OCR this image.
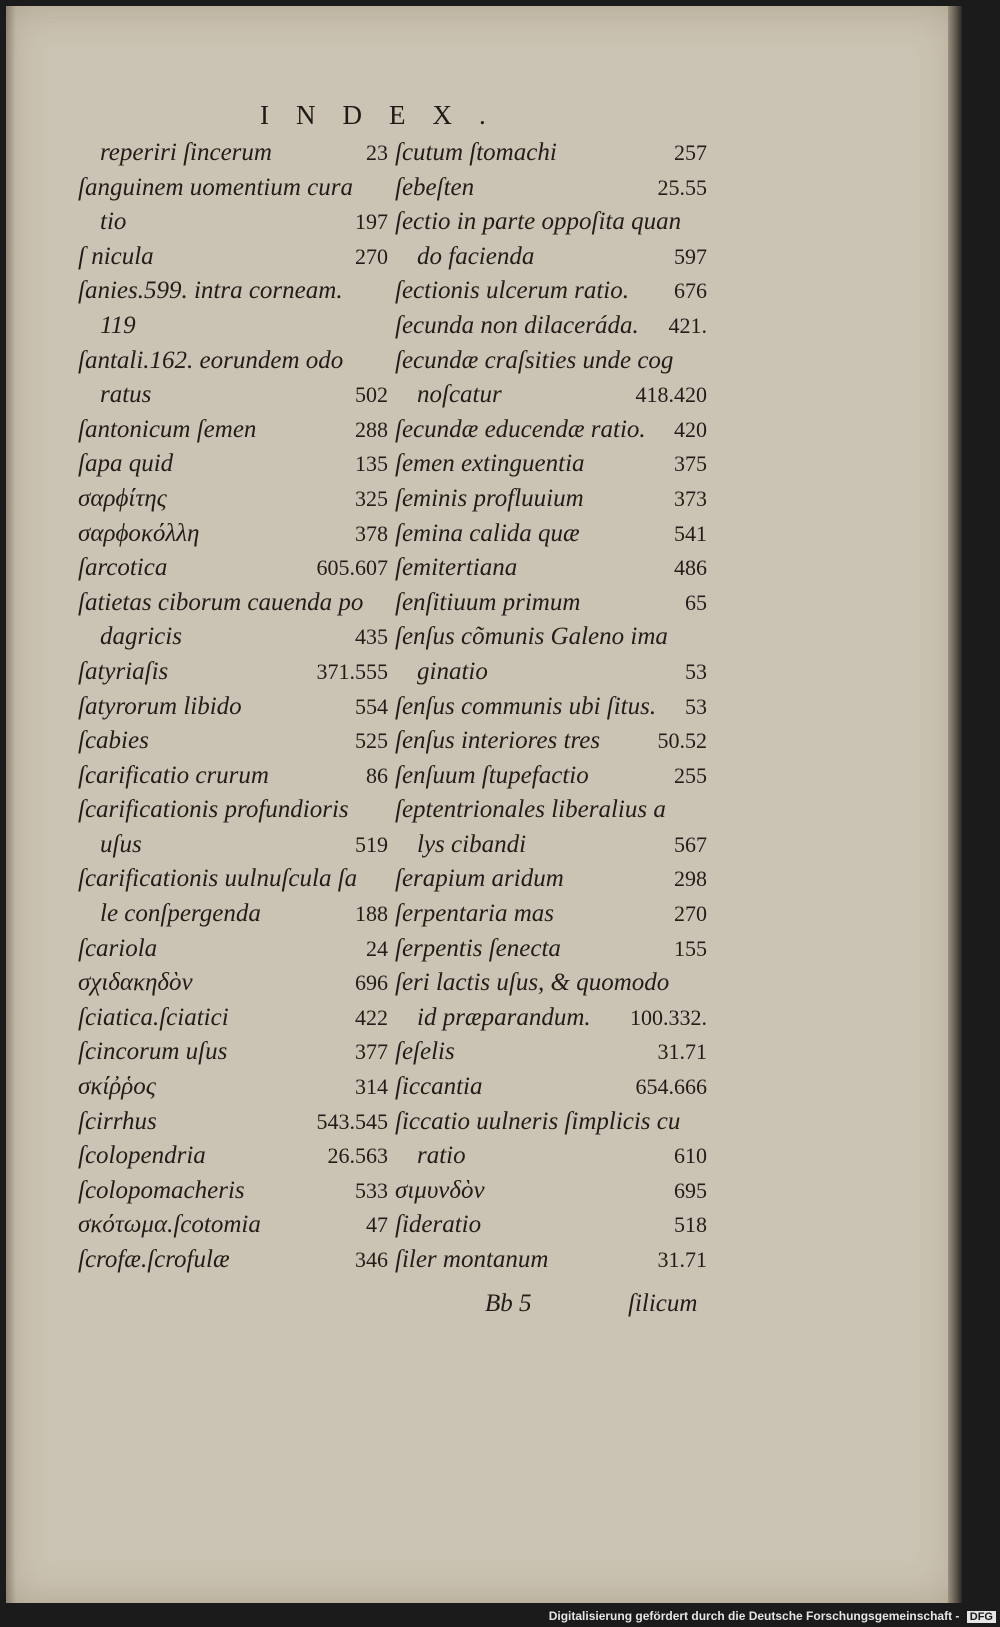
INDEX.
reperiri ſincerum	23
ſanguinem uomentium cura
tio	197
ſ nicula	270
ſanies.599. intra corneam.
119
ſantali.162. eorundem odo
ratus	502
ſantonicum ſemen	288
ſapa quid	135
σαρϕίτης	325
σαρϕοκόλλη	378
ſarcotica	605.607
ſatietas ciborum cauenda po
dagricis	435
ſatyriaſis	371.555
ſatyrorum libido	554
ſcabies	525
ſcarificatio crurum	86
ſcarificationis profundioris
uſus	519
ſcarificationis uulnuſcula ſa
le conſpergenda	188
ſcariola	24
σχιδακηδὸν	696
ſciatica.ſciatici	422
ſcincorum uſus	377
σκίῤῥος	314
ſcirrhus	543.545
ſcolopendria	26.563
ſcolopomacheris	533
σκότωμα.ſcotomia	47
ſcrofæ.ſcrofulæ	346
ſcutum ſtomachi	257
ſebeſten	25.55
ſectio in parte oppoſita quan
do facienda	597
ſectionis ulcerum ratio. 676
ſecunda non dilaceráda. 421.
ſecundæ craſsities unde cog
noſcatur	418.420
ſecundæ educendæ ratio. 420
ſemen extinguentia	375
ſeminis profluuium	373
ſemina calida quæ	541
ſemitertiana	486
ſenſitiuum primum	65
ſenſus cõmunis Galeno ima
ginatio	53
ſenſus communis ubi ſitus. 53
ſenſus interiores tres	50.52
ſenſuum ſtupefactio	255
ſeptentrionales liberalius a
lys cibandi	567
ſerapium aridum	298
ſerpentaria mas	270
ſerpentis ſenecta	155
ſeri lactis uſus, & quomodo
id præparandum. 100.332.
ſeſelis	31.71
ſiccantia	654.666
ſiccatio uulneris ſimplicis cu
ratio	610
σιμυνδὸν	695
ſideratio	518
ſiler montanum	31.71
Bb 5	ſilicum
Digitalisierung gefördert durch die Deutsche Forschungsgemeinschaft - DFG
